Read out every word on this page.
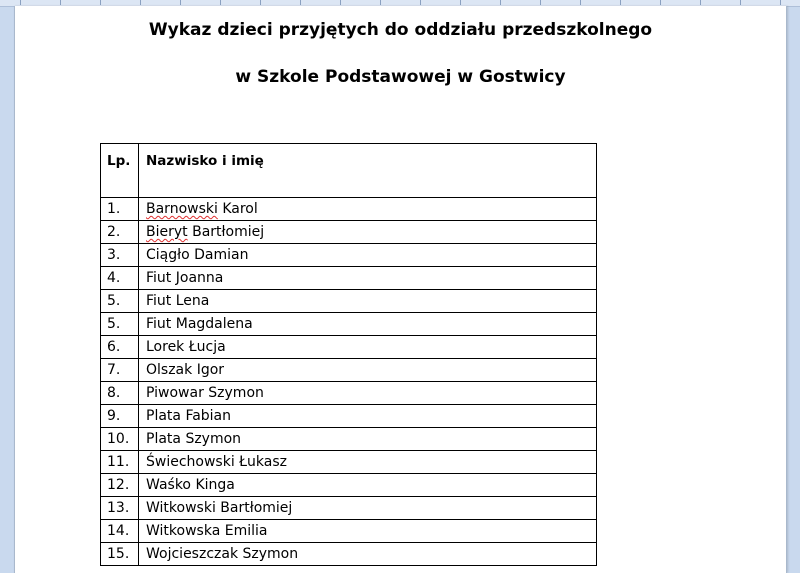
Wykaz dzieci przyjętych do oddziału przedszkolnego
w Szkole Podstawowej w Gostwicy
Lp.	Nazwisko i imię
1.	Barnowski Karol
2.	Bieryt Bartłomiej
3.	Ciągło Damian
4.	Fiut Joanna
5.	Fiut Lena
5.	Fiut Magdalena
6.	Lorek Łucja
7.	Olszak Igor
8.	Piwowar Szymon
9.	Plata Fabian
10.	Plata Szymon
11.	Świechowski Łukasz
12.	Waśko Kinga
13.	Witkowski Bartłomiej
14.	Witkowska Emilia
15.	Wojcieszczak Szymon
